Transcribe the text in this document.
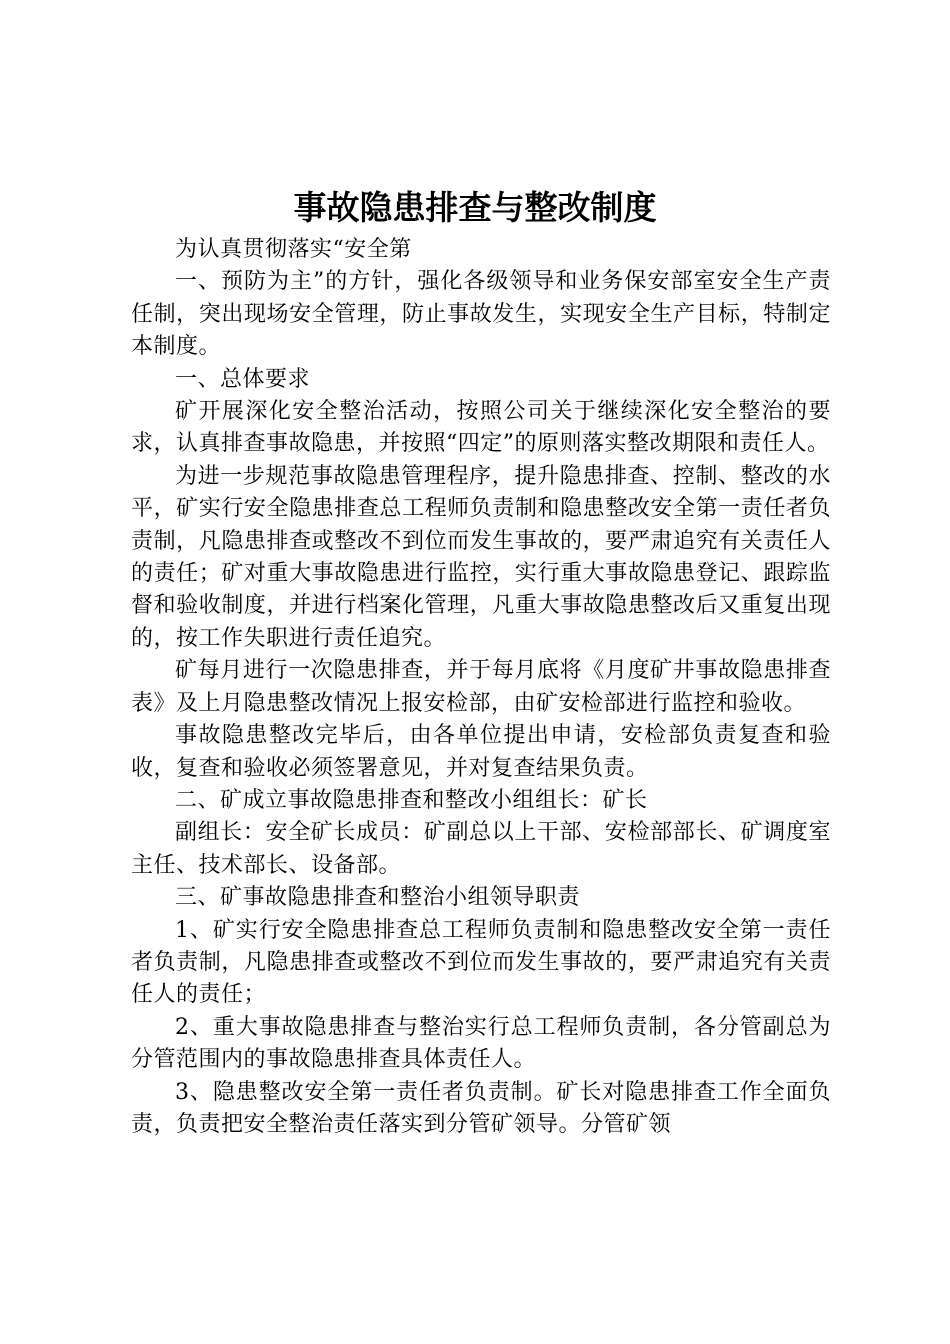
事故隐患排查与整改制度

为认真贯彻落实“安全第

一、预防为主”的方针，强化各级领导和业务保安部室安全生产责任制，突出现场安全管理，防止事故发生，实现安全生产目标，特制定本制度。

一、总体要求

矿开展深化安全整治活动，按照公司关于继续深化安全整治的要求，认真排查事故隐患，并按照“四定”的原则落实整改期限和责任人。

为进一步规范事故隐患管理程序，提升隐患排查、控制、整改的水平，矿实行安全隐患排查总工程师负责制和隐患整改安全第一责任者负责制，凡隐患排查或整改不到位而发生事故的，要严肃追究有关责任人的责任；矿对重大事故隐患进行监控，实行重大事故隐患登记、跟踪监督和验收制度，并进行档案化管理，凡重大事故隐患整改后又重复出现的，按工作失职进行责任追究。

矿每月进行一次隐患排查，并于每月底将《月度矿井事故隐患排查表》及上月隐患整改情况上报安检部，由矿安检部进行监控和验收。

事故隐患整改完毕后，由各单位提出申请，安检部负责复查和验收，复查和验收必须签署意见，并对复查结果负责。

二、矿成立事故隐患排查和整改小组组长：矿长

副组长：安全矿长成员：矿副总以上干部、安检部部长、矿调度室主任、技术部长、设备部。

三、矿事故隐患排查和整治小组领导职责

1、矿实行安全隐患排查总工程师负责制和隐患整改安全第一责任者负责制，凡隐患排查或整改不到位而发生事故的，要严肃追究有关责任人的责任；

2、重大事故隐患排查与整治实行总工程师负责制，各分管副总为分管范围内的事故隐患排查具体责任人。

3、隐患整改安全第一责任者负责制。矿长对隐患排查工作全面负责，负责把安全整治责任落实到分管矿领导。分管矿领
